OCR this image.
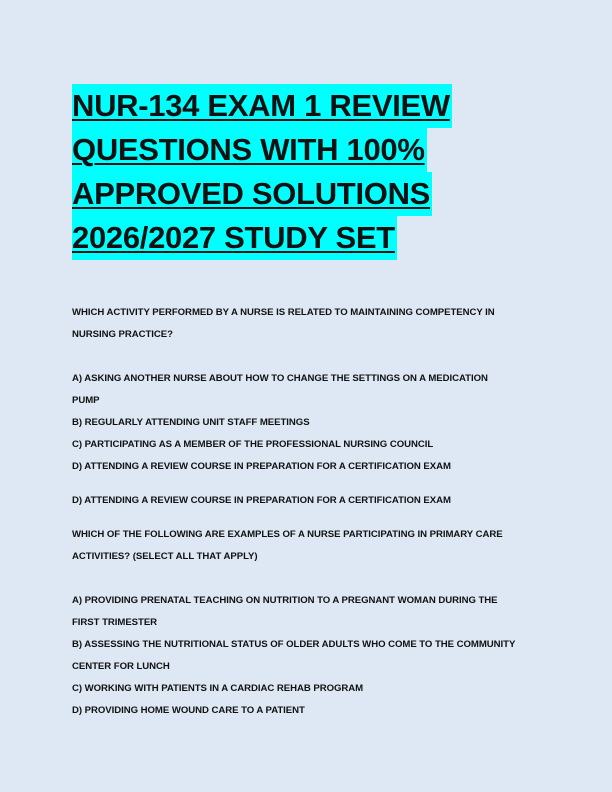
NUR-134 EXAM 1 REVIEW
QUESTIONS WITH 100%
APPROVED SOLUTIONS
2026/2027 STUDY SET
WHICH ACTIVITY PERFORMED BY A NURSE IS RELATED TO MAINTAINING COMPETENCY IN
NURSING PRACTICE?
A) ASKING ANOTHER NURSE ABOUT HOW TO CHANGE THE SETTINGS ON A MEDICATION
PUMP
B) REGULARLY ATTENDING UNIT STAFF MEETINGS
C) PARTICIPATING AS A MEMBER OF THE PROFESSIONAL NURSING COUNCIL
D) ATTENDING A REVIEW COURSE IN PREPARATION FOR A CERTIFICATION EXAM
D) ATTENDING A REVIEW COURSE IN PREPARATION FOR A CERTIFICATION EXAM
WHICH OF THE FOLLOWING ARE EXAMPLES OF A NURSE PARTICIPATING IN PRIMARY CARE
ACTIVITIES? (SELECT ALL THAT APPLY)
A) PROVIDING PRENATAL TEACHING ON NUTRITION TO A PREGNANT WOMAN DURING THE
FIRST TRIMESTER
B) ASSESSING THE NUTRITIONAL STATUS OF OLDER ADULTS WHO COME TO THE COMMUNITY
CENTER FOR LUNCH
C) WORKING WITH PATIENTS IN A CARDIAC REHAB PROGRAM
D) PROVIDING HOME WOUND CARE TO A PATIENT
